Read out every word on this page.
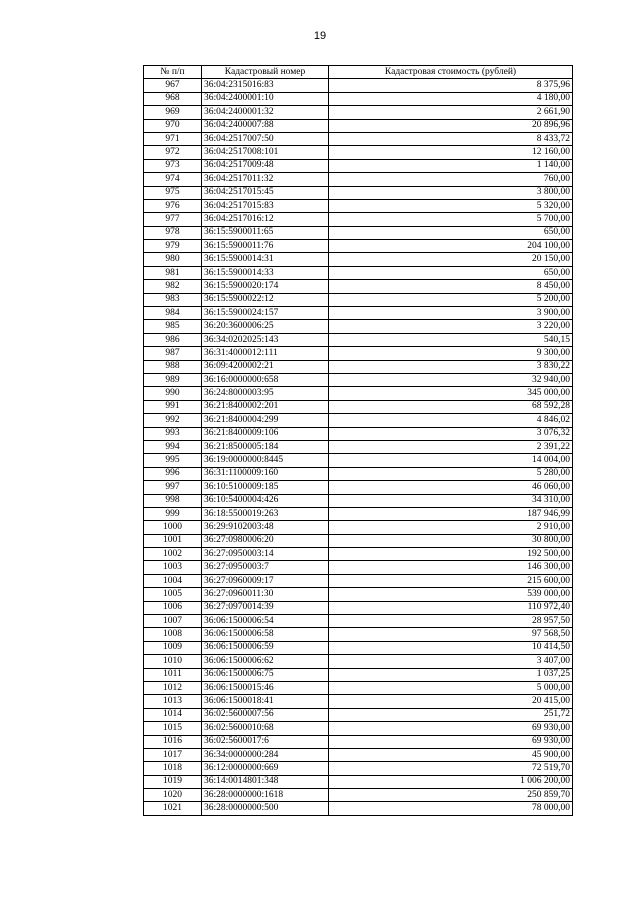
19
№ п/п	Кадастровый номер	Кадастровая стоимость (рублей)
967	36:04:2315016:83	8 375,96
968	36:04:2400001:10	4 180,00
969	36:04:2400001:32	2 661,90
970	36:04:2400007:88	20 896,96
971	36:04:2517007:50	8 433,72
972	36:04:2517008:101	12 160,00
973	36:04:2517009:48	1 140,00
974	36:04:2517011:32	760,00
975	36:04:2517015:45	3 800,00
976	36:04:2517015:83	5 320,00
977	36:04:2517016:12	5 700,00
978	36:15:5900011:65	650,00
979	36:15:5900011:76	204 100,00
980	36:15:5900014:31	20 150,00
981	36:15:5900014:33	650,00
982	36:15:5900020:174	8 450,00
983	36:15:5900022:12	5 200,00
984	36:15:5900024:157	3 900,00
985	36:20:3600006:25	3 220,00
986	36:34:0202025:143	540,15
987	36:31:4000012:111	9 300,00
988	36:09:4200002:21	3 830,22
989	36:16:0000000:658	32 940,00
990	36:24:8000003:95	345 000,00
991	36:21:8400002:201	68 592,28
992	36:21:8400004:299	4 846,02
993	36:21:8400009:106	3 076,32
994	36:21:8500005:184	2 391,22
995	36:19:0000000:8445	14 004,00
996	36:31:1100009:160	5 280,00
997	36:10:5100009:185	46 060,00
998	36:10:5400004:426	34 310,00
999	36:18:5500019:263	187 946,99
1000	36:29:9102003:48	2 910,00
1001	36:27:0980006:20	30 800,00
1002	36:27:0950003:14	192 500,00
1003	36:27:0950003:7	146 300,00
1004	36:27:0960009:17	215 600,00
1005	36:27:0960011:30	539 000,00
1006	36:27:0970014:39	110 972,40
1007	36:06:1500006:54	28 957,50
1008	36:06:1500006:58	97 568,50
1009	36:06:1500006:59	10 414,50
1010	36:06:1500006:62	3 407,00
1011	36:06:1500006:75	1 037,25
1012	36:06:1500015:46	5 000,00
1013	36:06:1500018:41	20 415,00
1014	36:02:5600007:56	251,72
1015	36:02:5600010:68	69 930,00
1016	36:02:5600017:6	69 930,00
1017	36:34:0000000:284	45 900,00
1018	36:12:0000000:669	72 519,70
1019	36:14:0014801:348	1 006 200,00
1020	36:28:0000000:1618	250 859,70
1021	36:28:0000000:500	78 000,00
